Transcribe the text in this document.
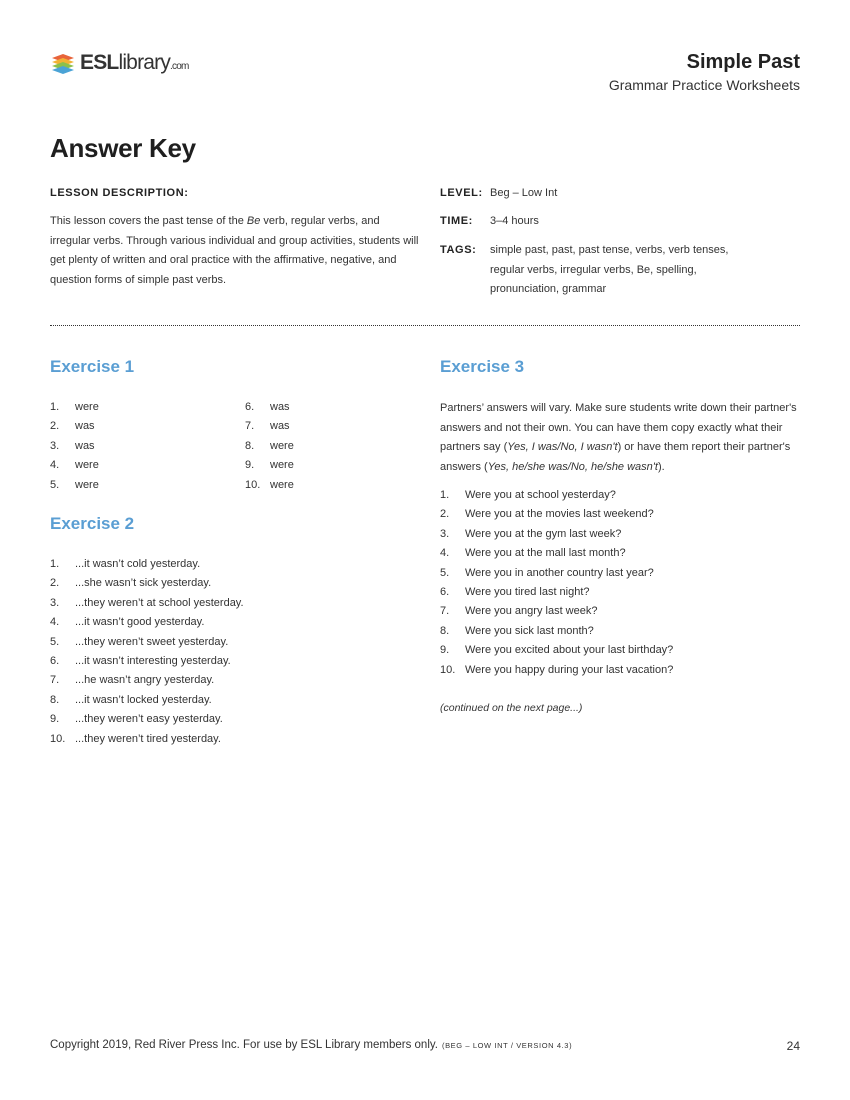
ESLlibrary.com	Simple Past
Grammar Practice Worksheets
Answer Key
LESSON DESCRIPTION:
This lesson covers the past tense of the Be verb, regular verbs, and irregular verbs. Through various individual and group activities, students will get plenty of written and oral practice with the affirmative, negative, and question forms of simple past verbs.
LEVEL: Beg – Low Int
TIME:	3–4 hours
TAGS:	simple past, past, past tense, verbs, verb tenses, regular verbs, irregular verbs, Be, spelling, pronunciation, grammar
Exercise 1
1.	were
2.	was
3.	was
4.	were
5.	were
6.	was
7.	was
8.	were
9.	were
10. were
Exercise 2
1.	...it wasn’t cold yesterday.
2.	...she wasn’t sick yesterday.
3.	...they weren’t at school yesterday.
4.	...it wasn’t good yesterday.
5.	...they weren’t sweet yesterday.
6.	...it wasn’t interesting yesterday.
7.	...he wasn’t angry yesterday.
8.	...it wasn’t locked yesterday.
9.	...they weren’t easy yesterday.
10. ...they weren’t tired yesterday.
Exercise 3
Partners’ answers will vary. Make sure students write down their partner's answers and not their own. You can have them copy exactly what their partners say (Yes, I was/No, I wasn't) or have them report their partner's answers (Yes, he/she was/No, he/she wasn't).
1.	Were you at school yesterday?
2.	Were you at the movies last weekend?
3.	Were you at the gym last week?
4.	Were you at the mall last month?
5.	Were you in another country last year?
6.	Were you tired last night?
7.	Were you angry last week?
8.	Were you sick last month?
9.	Were you excited about your last birthday?
10. Were you happy during your last vacation?
(continued on the next page...)
Copyright 2019, Red River Press Inc. For use by ESL Library members only. (BEG – LOW INT / VERSION 4.3)	24
